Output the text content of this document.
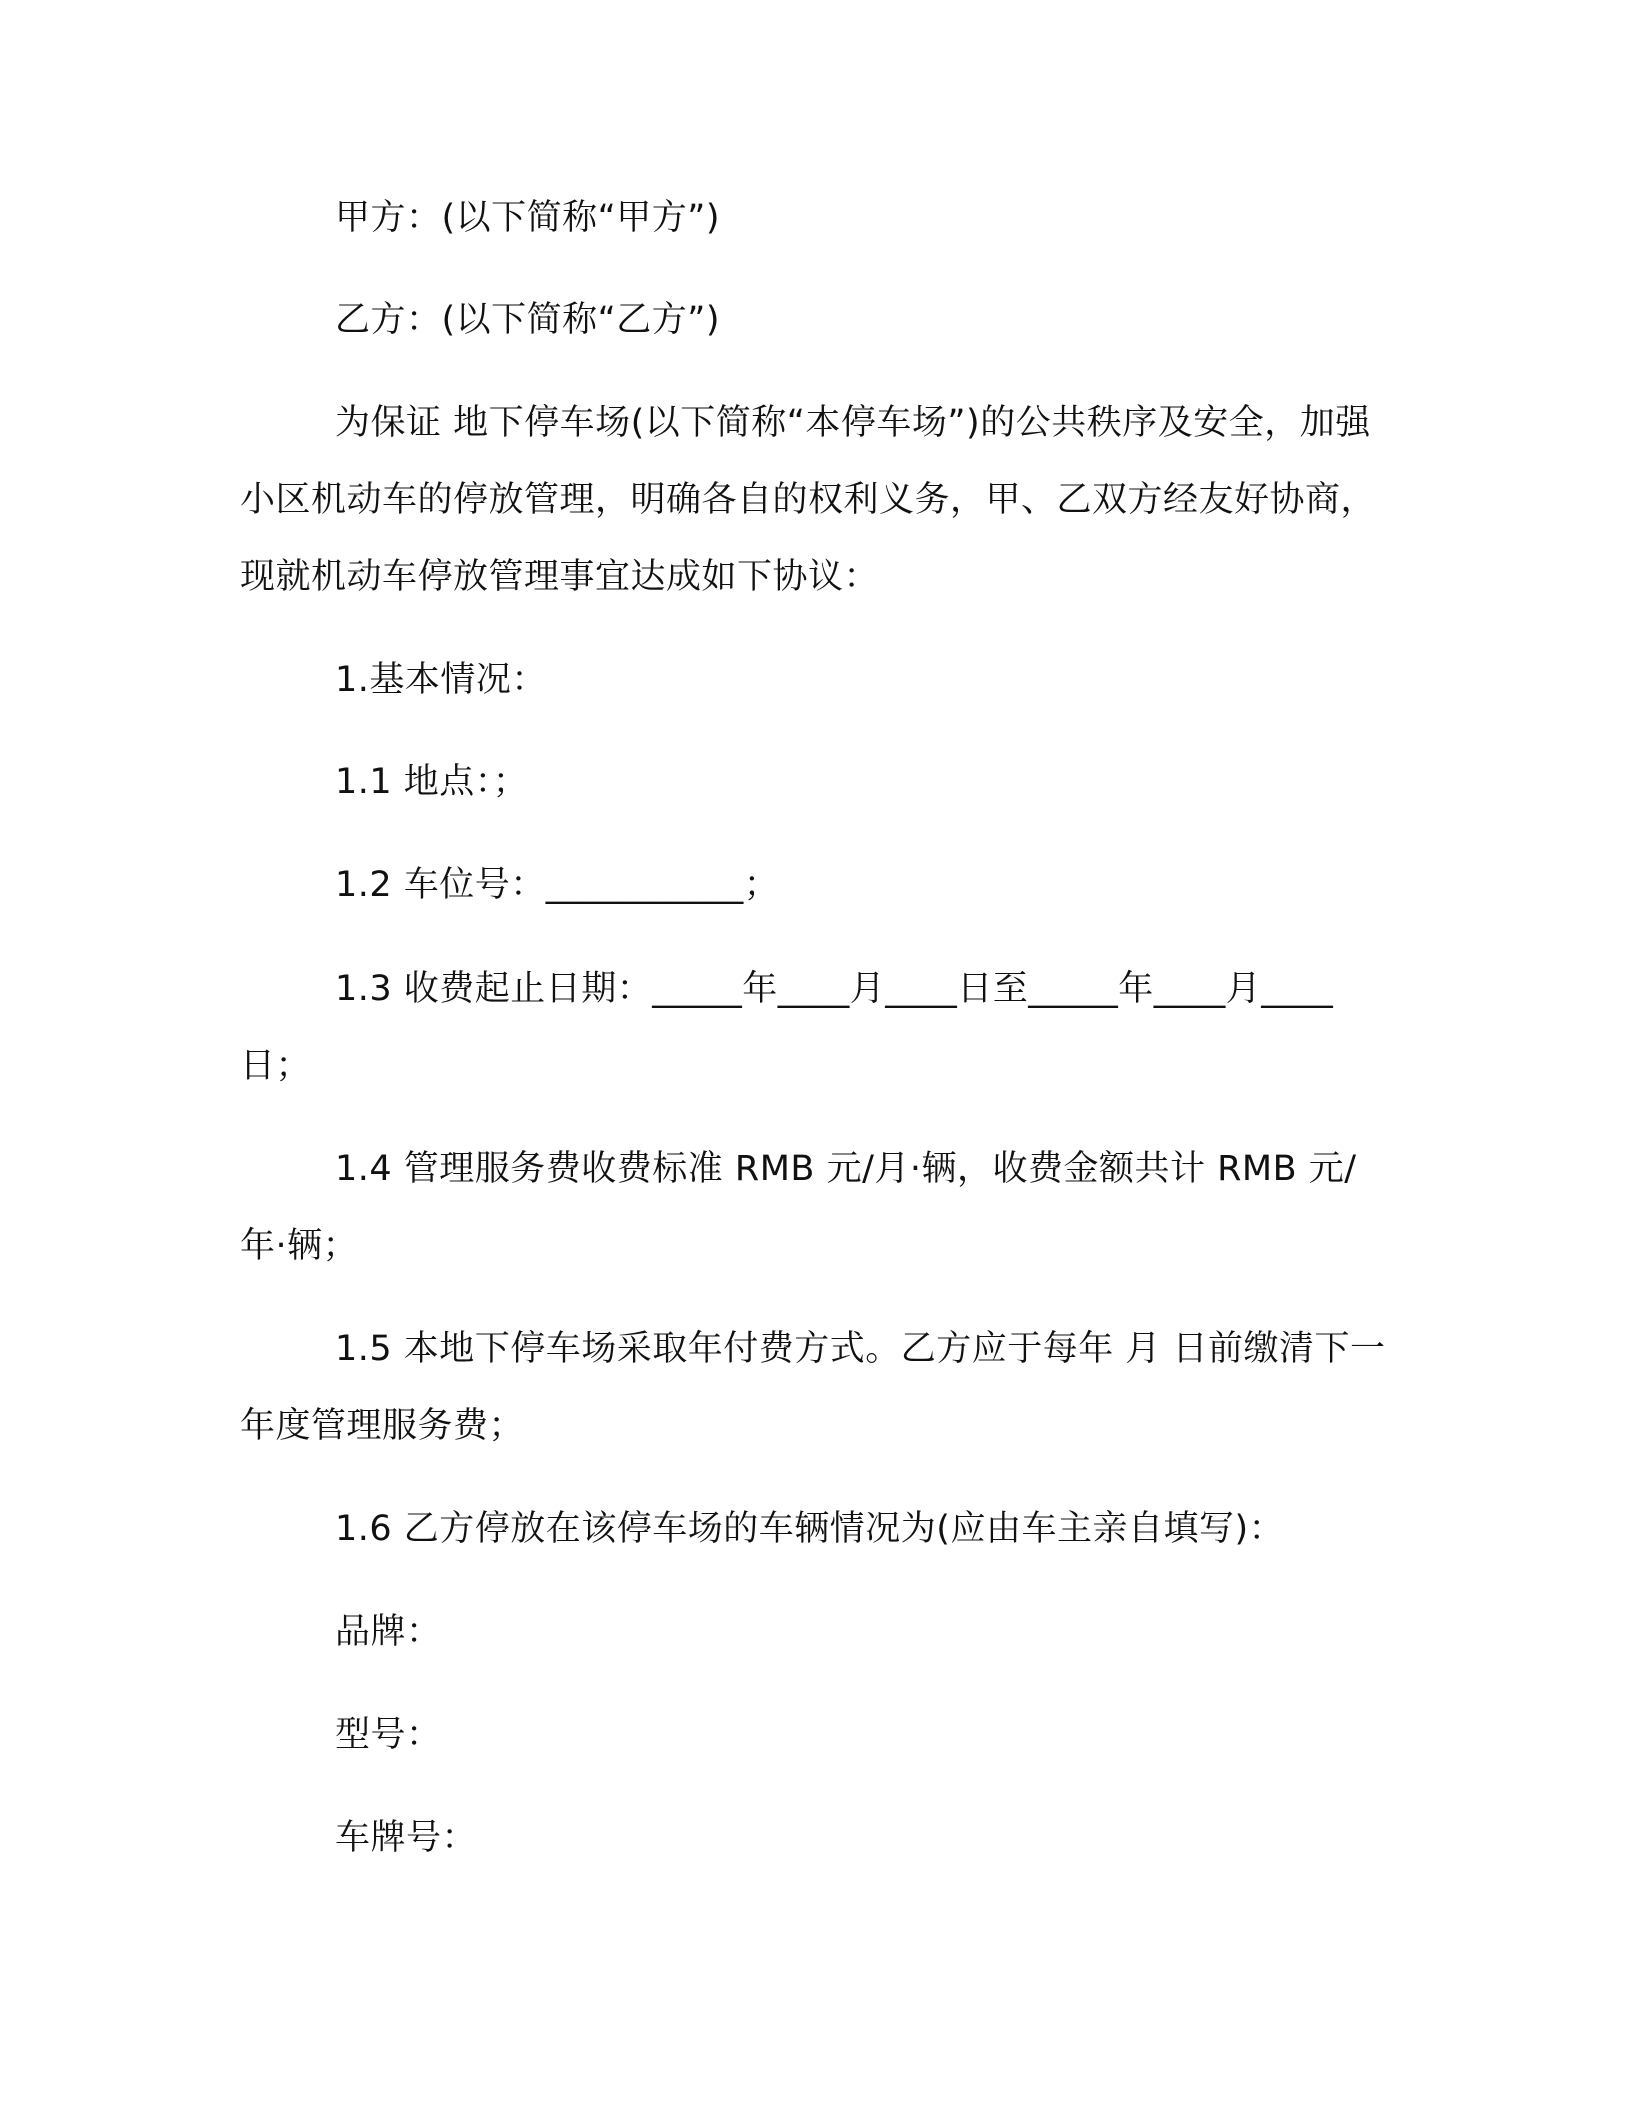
甲方：(以下简称“甲方”)

乙方：(以下简称“乙方”)

为保证 地下停车场(以下简称“本停车场”)的公共秩序及安全，加强小区机动车的停放管理，明确各自的权利义务，甲、乙双方经友好协商，现就机动车停放管理事宜达成如下协议：

1.基本情况：

1.1 地点：；

1.2 车位号：___________；

1.3 收费起止日期：_____年____月____日至_____年____月____日；

1.4 管理服务费收费标准 RMB 元/月·辆，收费金额共计 RMB 元/年·辆；

1.5 本地下停车场采取年付费方式。乙方应于每年 月 日前缴清下一年度管理服务费；

1.6 乙方停放在该停车场的车辆情况为(应由车主亲自填写)：

品牌：

型号：

车牌号：
